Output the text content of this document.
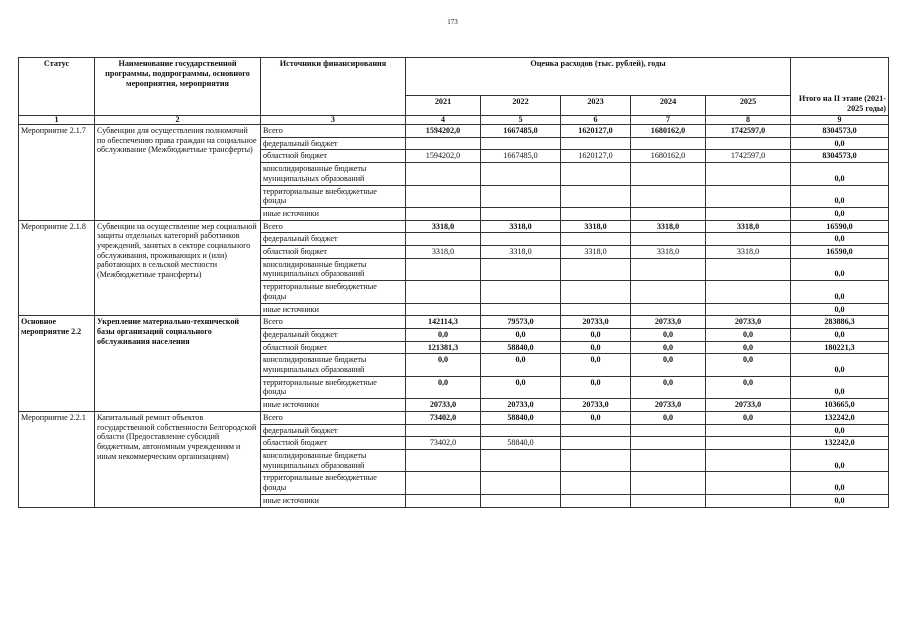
173
Статус	Наименование государственной программы, подпрограммы, основного мероприятия, мероприятия	Источники финансирования	Оценка расходов (тыс. рублей), годы					Итого на II этапе (2021-2025 годы)
			2021	2022	2023	2024	2025	
1	2	3	4	5	6	7	8	9
Мероприятие 2.1.7	Субвенции для осуществления полномочий по обеспечению права граждан на социальное обслуживание (Межбюджетные трансферты)	Всего	1594202,0	1667485,0	1620127,0	1680162,0	1742597,0	8304573,0
		федеральный бюджет						0,0
		областной бюджет	1594202,0	1667485,0	1620127,0	1680162,0	1742597,0	8304573,0
		консолидированные бюджеты
муниципальных образований						0,0
		территориальные внебюджетные
фонды						0,0
		иные источники						0,0
Мероприятие 2.1.8	Субвенции на осуществление мер социальной защиты отдельных категорий работников учреждений, занятых в секторе социального обслуживания, проживающих и (или) работающих в сельской местности (Межбюджетные трансферты)	Всего	3318,0	3318,0	3318,0	3318,0	3318,0	16590,0
		федеральный бюджет						0,0
		областной бюджет	3318,0	3318,0	3318,0	3318,0	3318,0	16590,0
		консолидированные бюджеты
муниципальных образований						0,0
		территориальные внебюджетные
фонды						0,0
		иные источники						0,0
Основное мероприятие 2.2	Укрепление материально-технической базы организаций социального обслуживания населения	Всего	142114,3	79573,0	20733,0	20733,0	20733,0	283886,3
		федеральный бюджет	0,0	0,0	0,0	0,0	0,0	0,0
		областной бюджет	121381,3	58840,0	0,0	0,0	0,0	180221,3
		консолидированные бюджеты
муниципальных образований	0,0	0,0	0,0	0,0	0,0	0,0
		территориальные внебюджетные
фонды	0,0	0,0	0,0	0,0	0,0	0,0
		иные источники	20733,0	20733,0	20733,0	20733,0	20733,0	103665,0
Мероприятие 2.2.1	Капитальный ремонт объектов государственной собственности Белгородской области (Предоставление субсидий бюджетным, автономным учреждениям и иным некоммерческим организациям)	Всего	73402,0	58840,0	0,0	0,0	0,0	132242,0
		федеральный бюджет						0,0
		областной бюджет	73402,0	58840,0				132242,0
		консолидированные бюджеты
муниципальных образований						0,0
		территориальные внебюджетные
фонды						0,0
		иные источники						0,0
